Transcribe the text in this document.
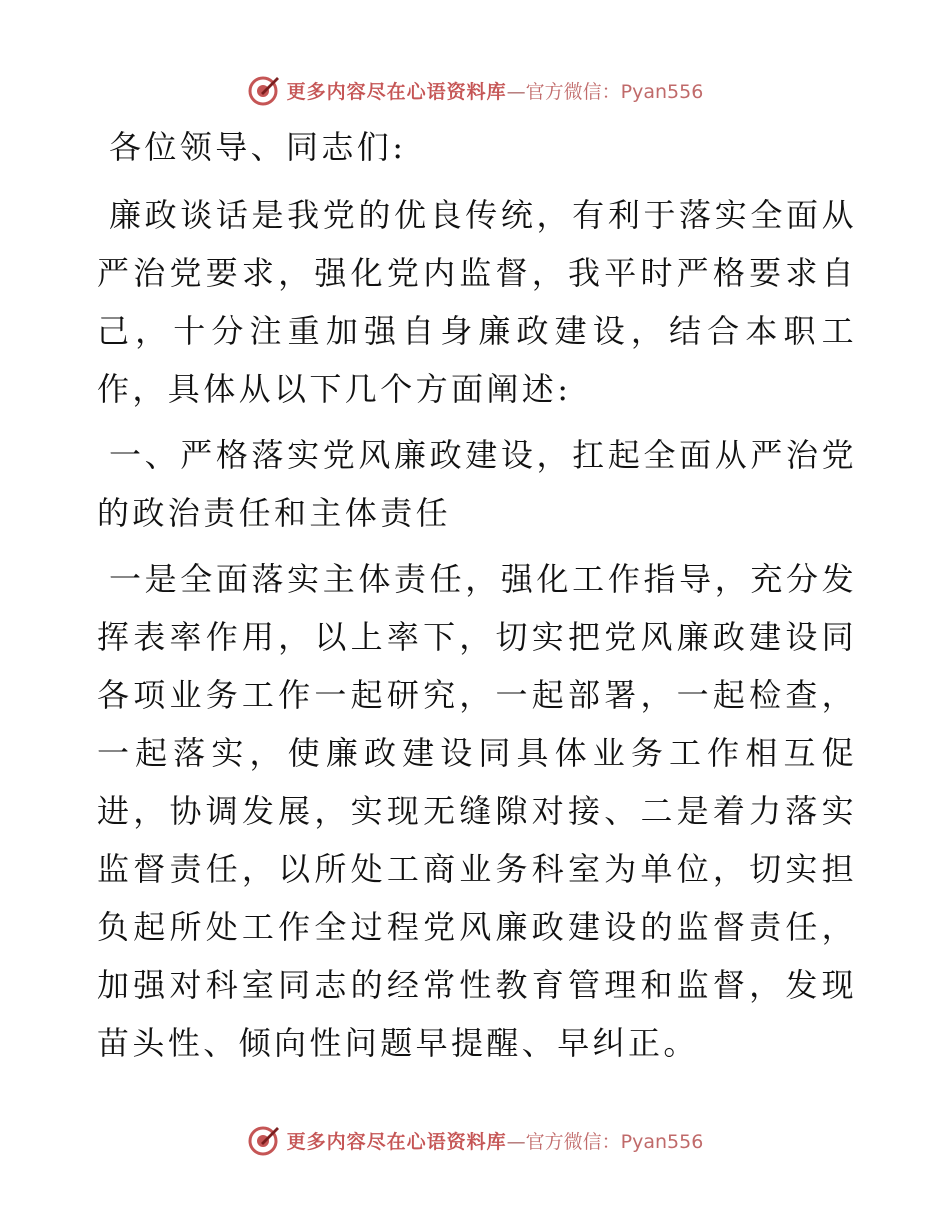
更多内容尽在心语资料库—官方微信：Pyan556

各位领导、同志们:

廉政谈话是我党的优良传统，有利于落实全面从严治党要求，强化党内监督，我平时严格要求自己，十分注重加强自身廉政建设，结合本职工作，具体从以下几个方面阐述:

一、严格落实党风廉政建设，扛起全面从严治党的政治责任和主体责任

一是全面落实主体责任，强化工作指导，充分发挥表率作用，以上率下，切实把党风廉政建设同各项业务工作一起研究，一起部署，一起检查，一起落实，使廉政建设同具体业务工作相互促进，协调发展，实现无缝隙对接、二是着力落实监督责任，以所处工商业务科室为单位，切实担负起所处工作全过程党风廉政建设的监督责任，加强对科室同志的经常性教育管理和监督，发现苗头性、倾向性问题早提醒、早纠正。

更多内容尽在心语资料库—官方微信：Pyan556
